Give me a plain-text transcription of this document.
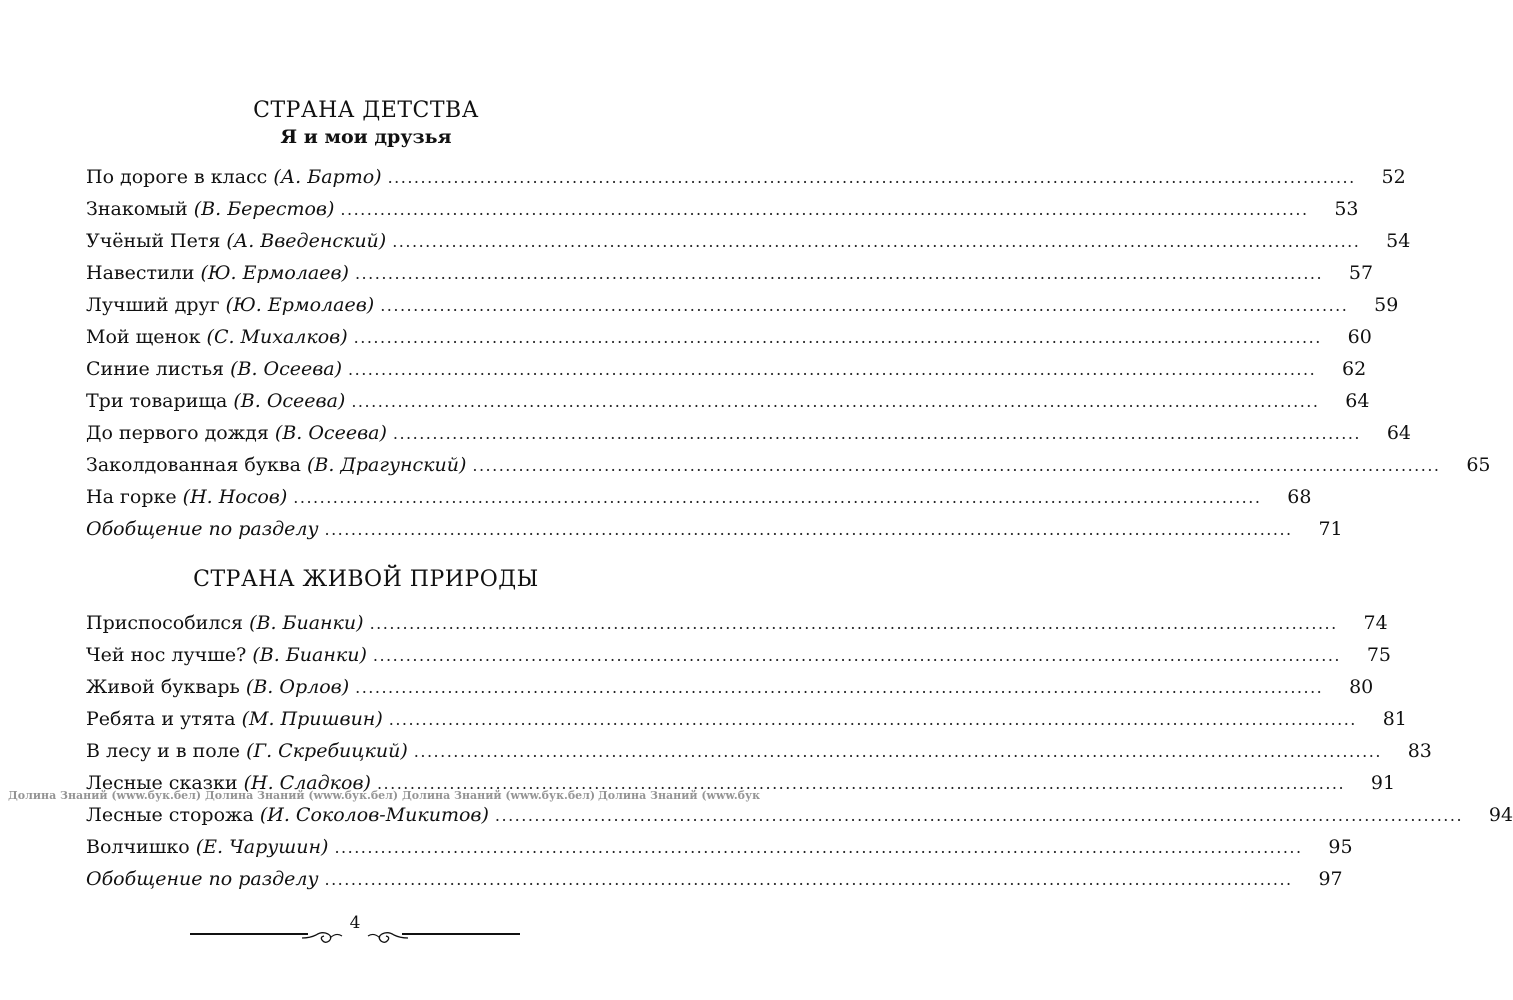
СТРАНА ДЕТСТВА
Я и мои друзья
По дороге в класс (А. Барто) .....	52
Знакомый (В. Берестов) .....	53
Учёный Петя (А. Введенский) .....	54
Навестили (Ю. Ермолаев) .....	57
Лучший друг (Ю. Ермолаев) .....	59
Мой щенок (С. Михалков) .....	60
Синие листья (В. Осеева) .....	62
Три товарища (В. Осеева) .....	64
До первого дождя (В. Осеева) .....	64
Заколдованная буква (В. Драгунский) .....	65
На горке (Н. Носов) .....	68
Обобщение по разделу .....	71
СТРАНА ЖИВОЙ ПРИРОДЫ
Приспособился (В. Бианки) .....	74
Чей нос лучше? (В. Бианки) .....	75
Живой букварь (В. Орлов) .....	80
Ребята и утята (М. Пришвин) .....	81
В лесу и в поле (Г. Скребицкий) .....	83
Лесные сказки (Н. Сладков) .....	91
Лесные сторожа (И. Соколов-Микитов) .....	94
Волчишко (Е. Чарушин) .....	95
Обобщение по разделу .....	97
Долина Знаний (www.бук.бел) Долина Знаний (www.бук.бел) Долина Знаний (www.бук.бел) Долина Знаний (www.бук
4
